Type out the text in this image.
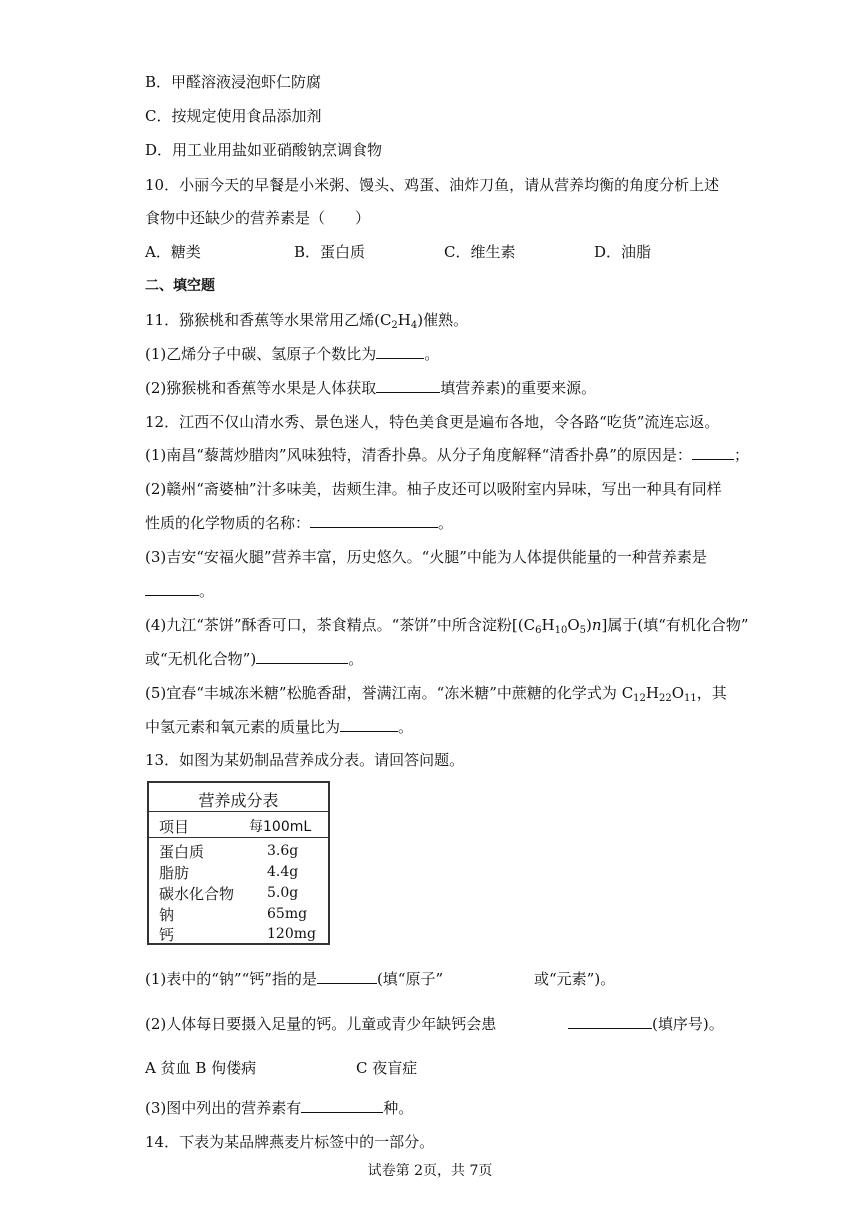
B．甲醛溶液浸泡虾仁防腐
C．按规定使用食品添加剂
D．用工业用盐如亚硝酸钠烹调食物
10．小丽今天的早餐是小米粥、馒头、鸡蛋、油炸刀鱼，请从营养均衡的角度分析上述
食物中还缺少的营养素是（　　）
A．糖类	B．蛋白质	C．维生素	D．油脂
二、填空题
11．猕猴桃和香蕉等水果常用乙烯$(C_2H_4)$催熟。
(1)乙烯分子中碳、氢原子个数比为	。
(2)猕猴桃和香蕉等水果是人体获取	填营养素)的重要来源。
12．江西不仅山清水秀、景色迷人，特色美食更是遍布各地，令各路“吃货”流连忘返。
(1)南昌“藜蒿炒腊肉”风味独特，清香扑鼻。从分子角度解释“清香扑鼻”的原因是：	；
(2)赣州“斋婆柚”汁多味美，齿颊生津。柚子皮还可以吸附室内异味，写出一种具有同样
性质的化学物质的名称：	。
(3)吉安“安福火腿”营养丰富，历史悠久。“火腿”中能为人体提供能量的一种营养素是
。
(4)九江“茶饼”酥香可口，茶食精点。“茶饼”中所含淀粉$[(C_6H_{10}O_5)n]$属于(填“有机化合物”
或“无机化合物”)	。
(5)宜春“丰城冻米糖”松脆香甜，誉满江南。“冻米糖”中蔗糖的化学式为 $C_{12}H_{22}O_{11}$，其
中氢元素和氧元素的质量比为	。
13．如图为某奶制品营养成分表。请回答问题。
营养成分表
项目	每100mL
蛋白质	3.6g
脂肪	4.4g
碳水化合物 5.0g
钠	65mg
钙	120mg
(1)表中的“钠”“钙”指的是	(填“原子”	或“元素”)。
(2)人体每日要摄入足量的钙。儿童或青少年缺钙会患	(填序号)。
A 贫血 B 佝偻病	C 夜盲症
(3)图中列出的营养素有	种。
14．下表为某品牌燕麦片标签中的一部分。
试卷第 2页，共 7页
